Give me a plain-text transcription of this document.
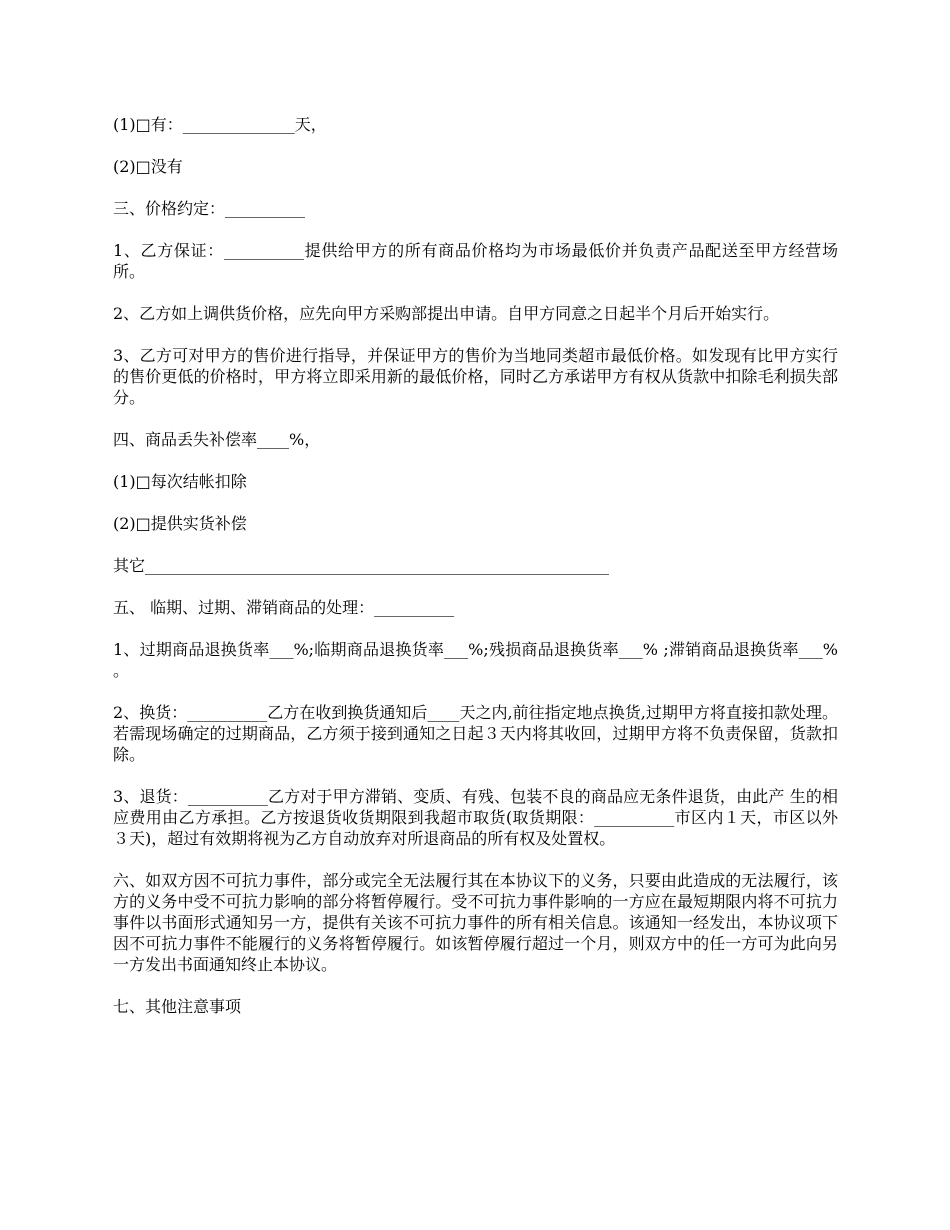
(1)□有：______________天，

(2)□没有

三、价格约定：__________

1、乙方保证：__________提供给甲方的所有商品价格均为市场最低价并负责产品配送至甲方经营场所。

2、乙方如上调供货价格，应先向甲方采购部提出申请。自甲方同意之日起半个月后开始实行。

3、乙方可对甲方的售价进行指导，并保证甲方的售价为当地同类超市最低价格。如发现有比甲方实行的售价更低的价格时，甲方将立即采用新的最低价格，同时乙方承诺甲方有权从货款中扣除毛利损失部分。

四、商品丢失补偿率____%，

(1)□每次结帐扣除

(2)□提供实货补偿

其它__________________________________________________________

五、 临期、过期、滞销商品的处理：__________

1、过期商品退换货率___%;临期商品退换货率___%;残损商品退换货率___% ;滞销商品退换货率___% 。

2、换货：__________乙方在收到换货通知后____天之内,前往指定地点换货,过期甲方将直接扣款处理。若需现场确定的过期商品，乙方须于接到通知之日起３天内将其收回，过期甲方将不负责保留，货款扣除。

3、退货：__________乙方对于甲方滞销、变质、有残、包装不良的商品应无条件退货，由此产 生的相应费用由乙方承担。乙方按退货收货期限到我超市取货(取货期限：__________市区内１天，市区以外３天)，超过有效期将视为乙方自动放弃对所退商品的所有权及处置权。

六、如双方因不可抗力事件，部分或完全无法履行其在本协议下的义务，只要由此造成的无法履行，该方的义务中受不可抗力影响的部分将暂停履行。受不可抗力事件影响的一方应在最短期限内将不可抗力事件以书面形式通知另一方，提供有关该不可抗力事件的所有相关信息。该通知一经发出，本协议项下因不可抗力事件不能履行的义务将暂停履行。如该暂停履行超过一个月，则双方中的任一方可为此向另一方发出书面通知终止本协议。

七、其他注意事项
